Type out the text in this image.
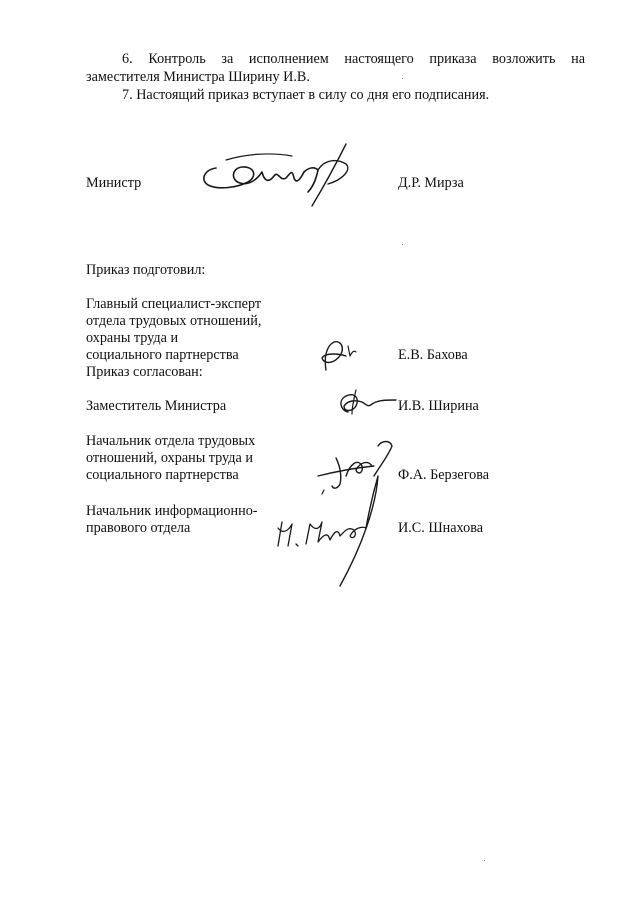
6. Контроль за исполнением настоящего приказа возложить на
заместителя Министра Ширину И.В.
7. Настоящий приказ вступает в силу со дня его подписания.
Министр	Д.Р. Мирза
Приказ подготовил:
Главный специалист-эксперт
отдела трудовых отношений,
охраны труда и
социального партнерства	Е.В. Бахова
Приказ согласован:
Заместитель Министра	И.В. Ширина
Начальник отдела трудовых
отношений, охраны труда и
социального партнерства	Ф.А. Берзегова
Начальник информационно-
правового отдела	И.С. Шнахова
